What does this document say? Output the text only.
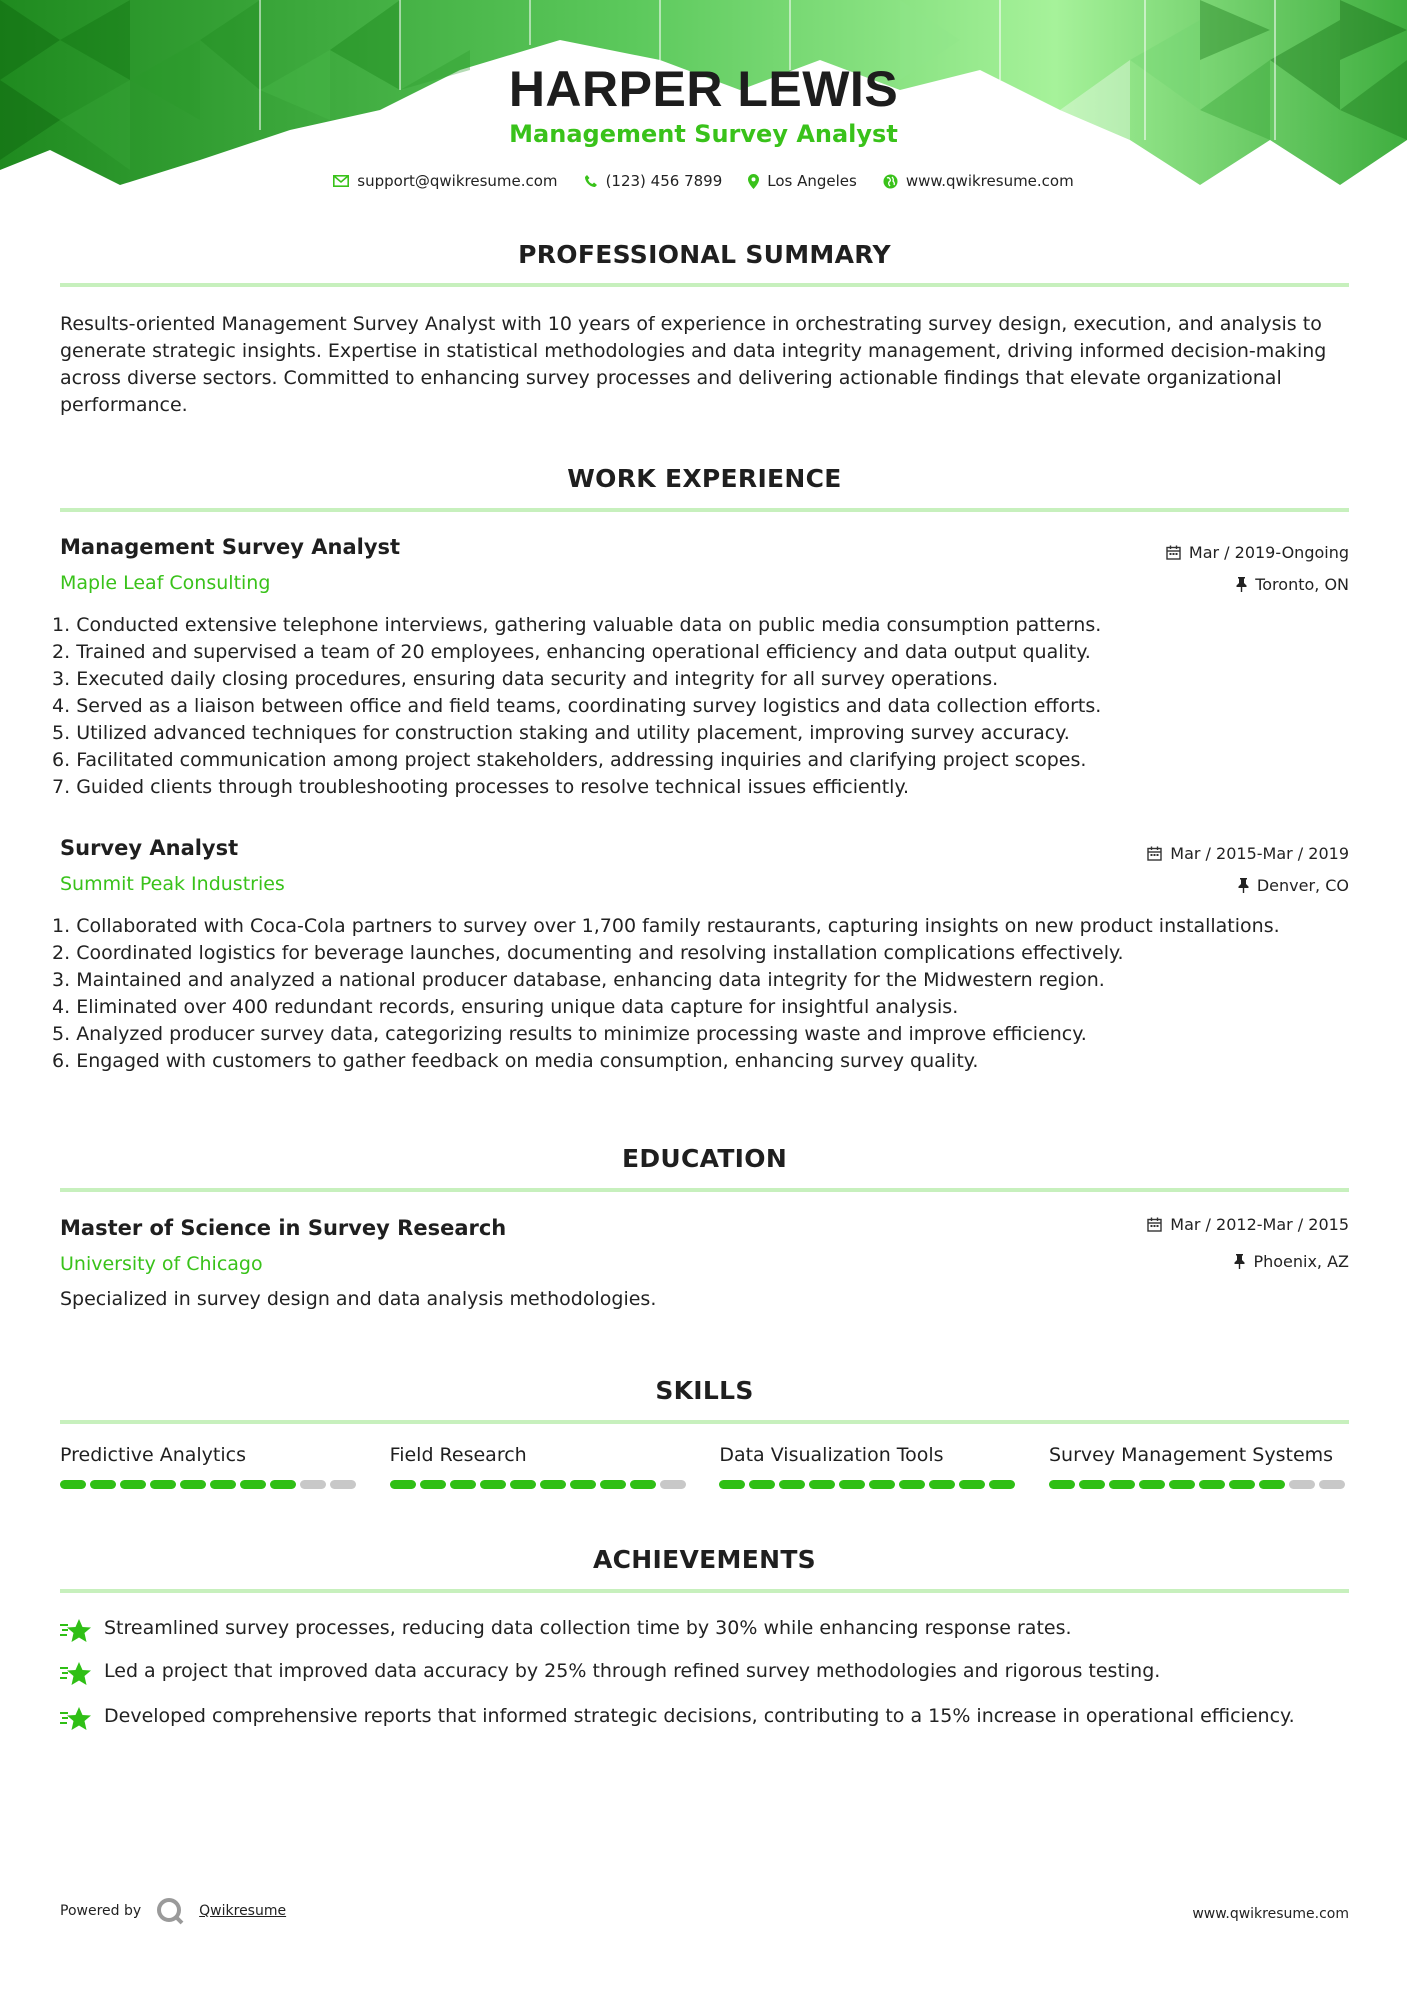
HARPER LEWIS
Management Survey Analyst
support@qwikresume.com	(123) 456 7899	Los Angeles	www.qwikresume.com
PROFESSIONAL SUMMARY

Results-oriented Management Survey Analyst with 10 years of experience in orchestrating survey design, execution, and analysis to generate strategic insights. Expertise in statistical methodologies and data integrity management, driving informed decision-making across diverse sectors. Committed to enhancing survey processes and delivering actionable findings that elevate organizational performance.

WORK EXPERIENCE
Management Survey Analyst
Maple Leaf Consulting
Mar / 2019-Ongoing
Toronto, ON
Conducted extensive telephone interviews, gathering valuable data on public media consumption patterns.
Trained and supervised a team of 20 employees, enhancing operational efficiency and data output quality.
Executed daily closing procedures, ensuring data security and integrity for all survey operations.
Served as a liaison between office and field teams, coordinating survey logistics and data collection efforts.
Utilized advanced techniques for construction staking and utility placement, improving survey accuracy.
Facilitated communication among project stakeholders, addressing inquiries and clarifying project scopes.
Guided clients through troubleshooting processes to resolve technical issues efficiently.
Survey Analyst
Summit Peak Industries
Mar / 2015-Mar / 2019
Denver, CO
Collaborated with Coca-Cola partners to survey over 1,700 family restaurants, capturing insights on new product installations.
Coordinated logistics for beverage launches, documenting and resolving installation complications effectively.
Maintained and analyzed a national producer database, enhancing data integrity for the Midwestern region.
Eliminated over 400 redundant records, ensuring unique data capture for insightful analysis.
Analyzed producer survey data, categorizing results to minimize processing waste and improve efficiency.
Engaged with customers to gather feedback on media consumption, enhancing survey quality.
EDUCATION
Master of Science in Survey Research
University of Chicago
Mar / 2012-Mar / 2015
Phoenix, AZ
Specialized in survey design and data analysis methodologies.
SKILLS
Predictive Analytics	Field Research	Data Visualization Tools	Survey Management Systems
ACHIEVEMENTS
Streamlined survey processes, reducing data collection time by 30% while enhancing response rates.
Led a project that improved data accuracy by 25% through refined survey methodologies and rigorous testing.
Developed comprehensive reports that informed strategic decisions, contributing to a 15% increase in operational efficiency.
Powered by	Qwikresume	www.qwikresume.com
